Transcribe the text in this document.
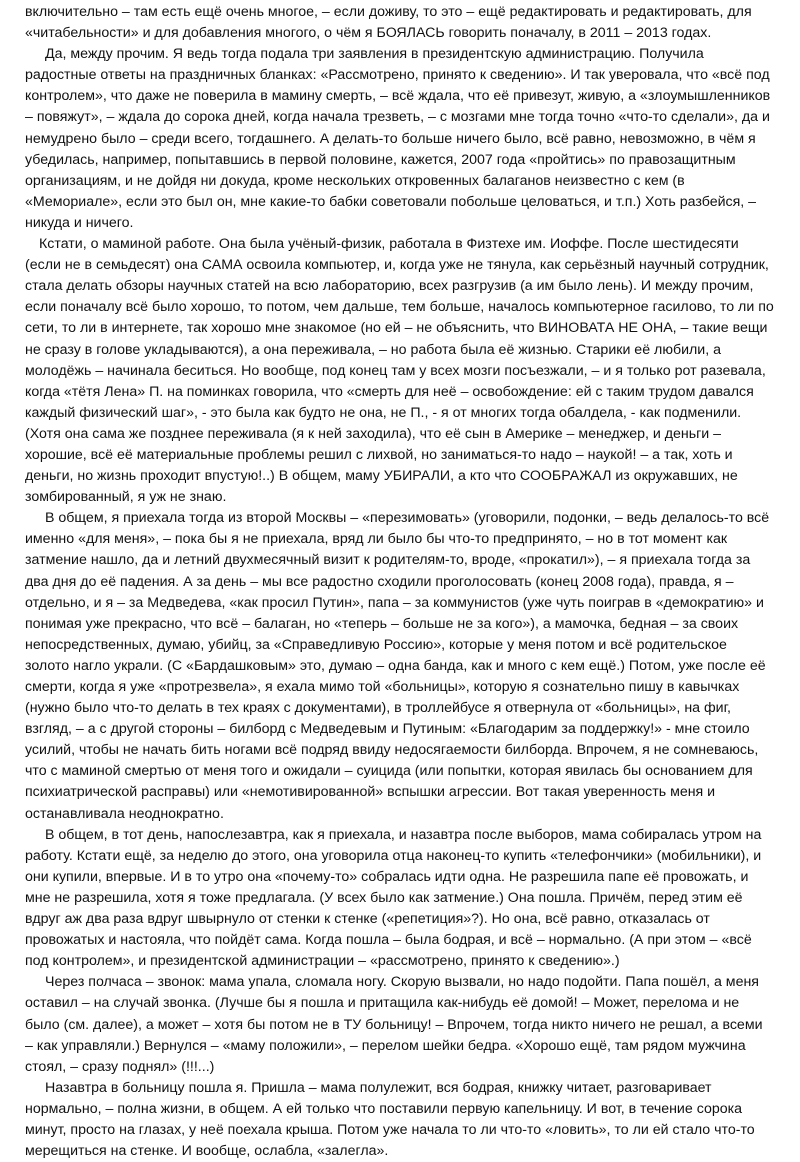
включительно – там есть ещё очень многое, – если доживу, то это – ещё редактировать и редактировать, для «читабельности» и для добавления многого, о чём я БОЯЛАСЬ говорить поначалу, в 2011 – 2013 годах.

Да, между прочим. Я ведь тогда подала три заявления в президентскую администрацию. Получила радостные ответы на праздничных бланках: «Рассмотрено, принято к сведению». И так уверовала, что «всё под контролем», что даже не поверила в мамину смерть, – всё ждала, что её привезут, живую, а «злоумышленников – повяжут», – ждала до сорока дней, когда начала трезветь, – с мозгами мне тогда точно «что-то сделали», да и немудрено было – среди всего, тогдашнего. А делать-то больше ничего было, всё равно, невозможно, в чём я убедилась, например, попытавшись в первой половине, кажется, 2007 года «пройтись» по правозащитным организациям, и не дойдя ни докуда, кроме нескольких откровенных балаганов неизвестно с кем (в «Мемориале», если это был он, мне какие-то бабки советовали побольше целоваться, и т.п.) Хоть разбейся, – никуда и ничего.

Кстати, о маминой работе. Она была учёный-физик, работала в Физтехе им. Иоффе. После шестидесяти (если не в семьдесят) она САМА освоила компьютер, и, когда уже не тянула, как серьёзный научный сотрудник, стала делать обзоры научных статей на всю лабораторию, всех разгрузив (а им было лень). И между прочим, если поначалу всё было хорошо, то потом, чем дальше, тем больше, началось компьютерное гасилово, то ли по сети, то ли в интернете, так хорошо мне знакомое (но ей – не объяснить, что ВИНОВАТА НЕ ОНА, – такие вещи не сразу в голове укладываются), а она переживала, – но работа была её жизнью. Старики её любили, а молодёжь – начинала беситься. Но вообще, под конец там у всех мозги посъезжали, – и я только рот разевала, когда «тётя Лена» П. на поминках говорила, что «смерть для неё – освобождение: ей с таким трудом давался каждый физический шаг», - это была как будто не она, не П., - я от многих тогда обалдела, - как подменили. (Хотя она сама же позднее переживала (я к ней заходила), что её сын в Америке – менеджер, и деньги – хорошие, всё её материальные проблемы решил с лихвой, но заниматься-то надо – наукой! – а так, хоть и деньги, но жизнь проходит впустую!..) В общем, маму УБИРАЛИ, а кто что СООБРАЖАЛ из окружавших, не зомбированный, я уж не знаю.

В общем, я приехала тогда из второй Москвы – «перезимовать» (уговорили, подонки, – ведь делалось-то всё именно «для меня», – пока бы я не приехала, вряд ли было бы что-то предпринято, – но в тот момент как затмение нашло, да и летний двухмесячный визит к родителям-то, вроде, «прокатил»), – я приехала тогда за два дня до её падения. А за день – мы все радостно сходили проголосовать (конец 2008 года), правда, я – отдельно, и я – за Медведева, «как просил Путин», папа – за коммунистов (уже чуть поиграв в «демократию» и понимая уже прекрасно, что всё – балаган, но «теперь – больше не за кого»), а мамочка, бедная – за своих непосредственных, думаю, убийц, за «Справедливую Россию», которые у меня потом и всё родительское золото нагло украли. (С «Бардашковым» это, думаю – одна банда, как и много с кем ещё.) Потом, уже после её смерти, когда я уже «протрезвела», я ехала мимо той «больницы», которую я сознательно пишу в кавычках (нужно было что-то делать в тех краях с документами), в троллейбусе я отвернула от «больницы», на фиг, взгляд, – а с другой стороны – билборд с Медведевым и Путиным: «Благодарим за поддержку!» - мне стоило усилий, чтобы не начать бить ногами всё подряд ввиду недосягаемости билборда. Впрочем, я не сомневаюсь, что с маминой смертью от меня того и ожидали – суицида (или попытки, которая явилась бы основанием для психиатрической расправы) или «немотивированной» вспышки агрессии. Вот такая уверенность меня и останавливала неоднократно.

В общем, в тот день, напослезавтра, как я приехала, и назавтра после выборов, мама собиралась утром на работу. Кстати ещё, за неделю до этого, она уговорила отца наконец-то купить «телефончики» (мобильники), и они купили, впервые. И в то утро она «почему-то» собралась идти одна. Не разрешила папе её провожать, и мне не разрешила, хотя я тоже предлагала. (У всех было как затмение.) Она пошла. Причём, перед этим её вдруг аж два раза вдруг швырнуло от стенки к стенке («репетиция»?). Но она, всё равно, отказалась от провожатых и настояла, что пойдёт сама. Когда пошла – была бодрая, и всё – нормально. (А при этом – «всё под контролем», и президентской администрации – «рассмотрено, принято к сведению».)

Через полчаса – звонок: мама упала, сломала ногу. Скорую вызвали, но надо подойти. Папа пошёл, а меня оставил – на случай звонка. (Лучше бы я пошла и притащила как-нибудь её домой! – Может, перелома и не было (см. далее), а может – хотя бы потом не в ТУ больницу! – Впрочем, тогда никто ничего не решал, а всеми – как управляли.) Вернулся – «маму положили», – перелом шейки бедра. «Хорошо ещё, там рядом мужчина стоял, – сразу поднял» (!!!...)

Назавтра в больницу пошла я. Пришла – мама полулежит, вся бодрая, книжку читает, разговаривает нормально, – полна жизни, в общем. А ей только что поставили первую капельницу. И вот, в течение сорока минут, просто на глазах, у неё поехала крыша. Потом уже начала то ли что-то «ловить», то ли ей стало что-то мерещиться на стенке. И вообще, ослабла, «залегла».
